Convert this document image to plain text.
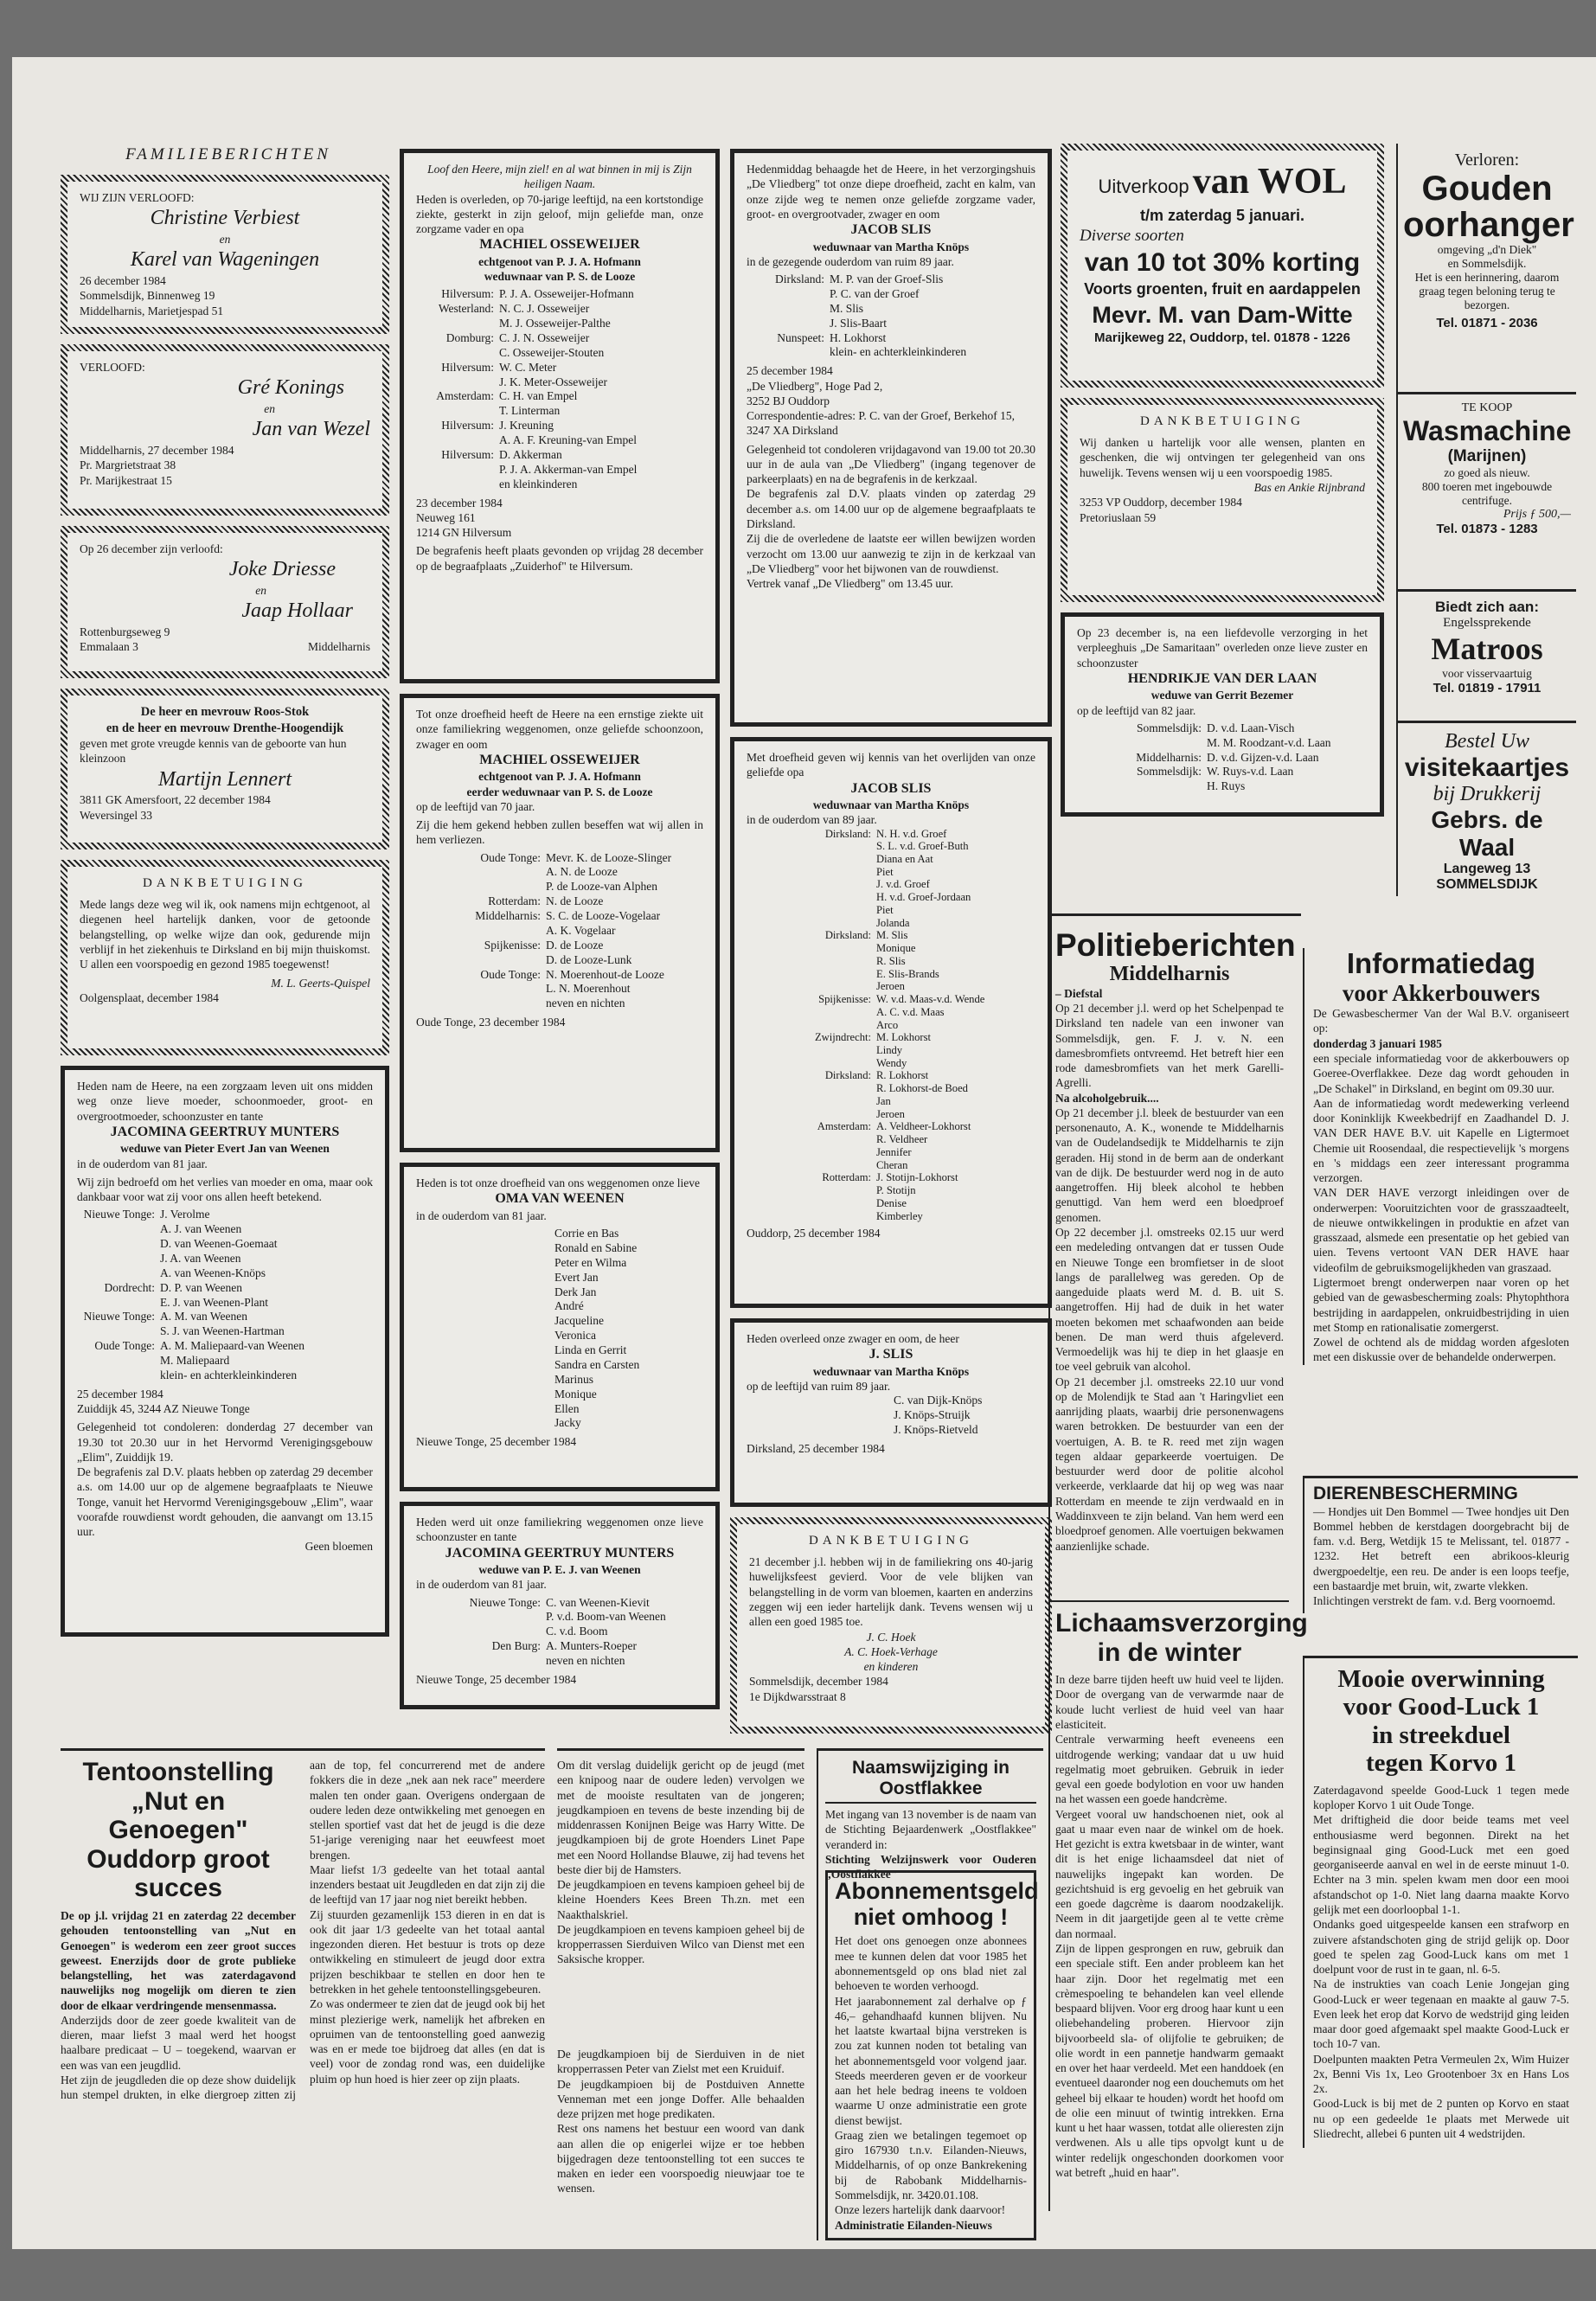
FAMILIEBERICHTEN
WIJ ZIJN VERLOOFD:
Christine Verbiest
en
Karel van Wageningen
26 december 1984
Sommelsdijk, Binnenweg 19
Middelharnis, Marietjespad 51
VERLOOFD:
Gré Konings
en
Jan van Wezel
Middelharnis, 27 december 1984
Pr. Margrietstraat 38
Pr. Marijkestraat 15
Op 26 december zijn verloofd:
Joke Driesse
en
Jaap Hollaar
Rottenburgseweg 9
Emmalaan 3	Middelharnis
De heer en mevrouw Roos-Stok
en de heer en mevrouw Drenthe-Hoogendijk
geven met grote vreugde kennis van de geboorte van hun kleinzoon
Martijn Lennert
3811 GK Amersfoort, 22 december 1984
Weversingel 33
DANKBETUIGING
Mede langs deze weg wil ik, ook namens mijn echtgenoot, al diegenen heel hartelijk danken, voor de getoonde belangstelling, op welke wijze dan ook, gedurende mijn verblijf in het ziekenhuis te Dirksland en bij mijn thuiskomst. U allen een voorspoedig en gezond 1985 toegewenst!
M. L. Geerts-Quispel
Oolgensplaat, december 1984
Heden nam de Heere, na een zorgzaam leven uit ons midden weg onze lieve moeder, schoonmoeder, groot- en overgrootmoeder, schoonzuster en tante
JACOMINA GEERTRUY MUNTERS
weduwe van Pieter Evert Jan van Weenen
in de ouderdom van 81 jaar.
Wij zijn bedroefd om het verlies van moeder en oma, maar ook dankbaar voor wat zij voor ons allen heeft betekend.
Nieuwe Tonge: J. Verolme
A. J. van Weenen
D. van Weenen-Goemaat
J. A. van Weenen
A. van Weenen-Knöps
Dordrecht: D. P. van Weenen
E. J. van Weenen-Plant
Nieuwe Tonge: A. M. van Weenen
S. J. van Weenen-Hartman
Oude Tonge: A. M. Maliepaard-van Weenen
M. Maliepaard
klein- en achterkleinkinderen
25 december 1984
Zuiddijk 45, 3244 AZ Nieuwe Tonge
Gelegenheid tot condoleren: donderdag 27 december van 19.30 tot 20.30 uur in het Hervormd Verenigingsgebouw „Elim", Zuiddijk 19.
De begrafenis zal D.V. plaats hebben op zaterdag 29 december a.s. om 14.00 uur op de algemene begraafplaats te Nieuwe Tonge, vanuit het Hervormd Verenigingsgebouw „Elim", waar voorafde rouwdienst wordt gehouden, die aanvangt om 13.15 uur.
Geen bloemen
Loof den Heere, mijn ziel! en al wat binnen in mij is Zijn heiligen Naam.
Heden is overleden, op 70-jarige leeftijd, na een kortstondige ziekte, gesterkt in zijn geloof, mijn geliefde man, onze zorgzame vader en opa
MACHIEL OSSEWEIJER
echtgenoot van P. J. A. Hofmann
weduwnaar van P. S. de Looze
Hilversum: P. J. A. Osseweijer-Hofmann
Westerland: N. C. J. Osseweijer
M. J. Osseweijer-Palthe
Domburg: C. J. N. Osseweijer
C. Osseweijer-Stouten
Hilversum: W. C. Meter
J. K. Meter-Osseweijer
Amsterdam: C. H. van Empel
T. Linterman
Hilversum: J. Kreuning
A. A. F. Kreuning-van Empel
Hilversum: D. Akkerman
P. J. A. Akkerman-van Empel
en kleinkinderen
23 december 1984
Neuweg 161
1214 GN Hilversum
De begrafenis heeft plaats gevonden op vrijdag 28 december op de begraafplaats „Zuiderhof" te Hilversum.
Tot onze droefheid heeft de Heere na een ernstige ziekte uit onze familiekring weggenomen, onze geliefde schoonzoon, zwager en oom
MACHIEL OSSEWEIJER
echtgenoot van P. J. A. Hofmann
eerder weduwnaar van P. S. de Looze
op de leeftijd van 70 jaar.
Zij die hem gekend hebben zullen beseffen wat wij allen in hem verliezen.
Oude Tonge: Mevr. K. de Looze-Slinger
A. N. de Looze
P. de Looze-van Alphen
Rotterdam: N. de Looze
Middelharnis: S. C. de Looze-Vogelaar
A. K. Vogelaar
Spijkenisse: D. de Looze
D. de Looze-Lunk
Oude Tonge: N. Moerenhout-de Looze
L. N. Moerenhout
neven en nichten
Oude Tonge, 23 december 1984
Heden is tot onze droefheid van ons weggenomen onze lieve
OMA VAN WEENEN
in de ouderdom van 81 jaar.
Corrie en Bas
Ronald en Sabine
Peter en Wilma
Evert Jan
Derk Jan
André
Jacqueline
Veronica
Linda en Gerrit
Sandra en Carsten
Marinus
Monique
Ellen
Jacky
Nieuwe Tonge, 25 december 1984
Heden werd uit onze familiekring weggenomen onze lieve schoonzuster en tante
JACOMINA GEERTRUY MUNTERS
weduwe van P. E. J. van Weenen
in de ouderdom van 81 jaar.
Nieuwe Tonge: C. van Weenen-Kievit
P. v.d. Boom-van Weenen
C. v.d. Boom
Den Burg: A. Munters-Roeper
neven en nichten
Nieuwe Tonge, 25 december 1984
Hedenmiddag behaagde het de Heere, in het verzorgingshuis „De Vliedberg" tot onze diepe droefheid, zacht en kalm, van onze zijde weg te nemen onze geliefde zorgzame vader, groot- en overgrootvader, zwager en oom
JACOB SLIS
weduwnaar van Martha Knöps
in de gezegende ouderdom van ruim 89 jaar.
Dirksland: M. P. van der Groef-Slis
P. C. van der Groef
M. Slis
J. Slis-Baart
Nunspeet: H. Lokhorst
klein- en achterkleinkinderen
25 december 1984
„De Vliedberg", Hoge Pad 2,
3252 BJ Ouddorp
Correspondentie-adres: P. C. van der Groef, Berkehof 15, 3247 XA Dirksland
Gelegenheid tot condoleren vrijdagavond van 19.00 tot 20.30 uur in de aula van „De Vliedberg" (ingang tegenover de parkeerplaats) en na de begrafenis in de kerkzaal.
De begrafenis zal D.V. plaats vinden op zaterdag 29 december a.s. om 14.00 uur op de algemene begraafplaats te Dirksland.
Zij die de overledene de laatste eer willen bewijzen worden verzocht om 13.00 uur aanwezig te zijn in de kerkzaal van „De Vliedberg" voor het bijwonen van de rouwdienst.
Vertrek vanaf „De Vliedberg" om 13.45 uur.
Met droefheid geven wij kennis van het overlijden van onze geliefde opa
JACOB SLIS
weduwnaar van Martha Knöps
in de ouderdom van 89 jaar.
Dirksland: N. H. v.d. Groef
S. L. v.d. Groef-Buth
Diana en Aat
Piet
J. v.d. Groef
H. v.d. Groef-Jordaan
Piet
Jolanda
Dirksland: M. Slis
Monique
R. Slis
E. Slis-Brands
Jeroen
Spijkenisse: W. v.d. Maas-v.d. Wende
A. C. v.d. Maas
Arco
Zwijndrecht: M. Lokhorst
Lindy
Wendy
Dirksland: R. Lokhorst
R. Lokhorst-de Boed
Jan
Jeroen
Amsterdam: A. Veldheer-Lokhorst
R. Veldheer
Jennifer
Cheran
Rotterdam: J. Stotijn-Lokhorst
P. Stotijn
Denise
Kimberley
Ouddorp, 25 december 1984
Heden overleed onze zwager en oom, de heer
J. SLIS
weduwnaar van Martha Knöps
op de leeftijd van ruim 89 jaar.
C. van Dijk-Knöps
J. Knöps-Struijk
J. Knöps-Rietveld
Dirksland, 25 december 1984
DANKBETUIGING
21 december j.l. hebben wij in de familiekring ons 40-jarig huwelijksfeest gevierd. Voor de vele blijken van belangstelling in de vorm van bloemen, kaarten en anderzins zeggen wij een ieder hartelijk dank. Tevens wensen wij u allen een goed 1985 toe.
J. C. Hoek
A. C. Hoek-Verhage
en kinderen
Sommelsdijk, december 1984
1e Dijkdwarsstraat 8
Uitverkoop van WOL
t/m zaterdag 5 januari.
Diverse soorten
van 10 tot 30% korting
Voorts groenten, fruit en aardappelen
Mevr. M. van Dam-Witte
Marijkeweg 22, Ouddorp, tel. 01878 - 1226
DANKBETUIGING
Wij danken u hartelijk voor alle wensen, planten en geschenken, die wij ontvingen ter gelegenheid van ons huwelijk. Tevens wensen wij u een voorspoedig 1985.
Bas en Ankie Rijnbrand
3253 VP Ouddorp, december 1984
Pretoriuslaan 59
Op 23 december is, na een liefdevolle verzorging in het verpleeghuis „De Samaritaan" overleden onze lieve zuster en schoonzuster
HENDRIKJE VAN DER LAAN
weduwe van Gerrit Bezemer
op de leeftijd van 82 jaar.
Sommelsdijk: D. v.d. Laan-Visch
M. M. Roodzant-v.d. Laan
Middelharnis: D. v.d. Gijzen-v.d. Laan
Sommelsdijk: W. Ruys-v.d. Laan
H. Ruys
Verloren:
Gouden
oorhanger
omgeving „d'n Diek"
en Sommelsdijk.
Het is een herinnering, daarom graag tegen beloning terug te bezorgen.
Tel. 01871 - 2036
TE KOOP
Wasmachine
(Marijnen)
zo goed als nieuw.
800 toeren met ingebouwde centrifuge.
Prijs ƒ 500,—
Tel. 01873 - 1283
Biedt zich aan:
Engelssprekende
Matroos
voor visservaartuig
Tel. 01819 - 17911
Bestel Uw
visitekaartjes
bij Drukkerij
Gebrs. de Waal
Langeweg 13
SOMMELSDIJK
Politieberichten
Middelharnis
– Diefstal
Op 21 december j.l. werd op het Schelpenpad te Dirksland ten nadele van een inwoner van Sommelsdijk, gen. F. J. v. N. een damesbromfiets ontvreemd. Het betreft hier een rode damesbromfiets van het merk Garelli-Agrelli.
Na alcoholgebruik....
Op 21 december j.l. bleek de bestuurder van een personenauto, A. K., wonende te Middelharnis van de Oudelandsedijk te Middelharnis te zijn geraden. Hij stond in de berm aan de onderkant van de dijk. De bestuurder werd nog in de auto aangetroffen. Hij bleek alcohol te hebben genuttigd. Van hem werd een bloedproef genomen.
Op 22 december j.l. omstreeks 02.15 uur werd een medeleding ontvangen dat er tussen Oude en Nieuwe Tonge een bromfietser in de sloot langs de parallelweg was gereden. Op de aangeduide plaats werd M. d. B. uit S. aangetroffen. Hij had de duik in het water moeten bekomen met schaafwonden aan beide benen. De man werd thuis afgeleverd. Vermoedelijk was hij te diep in het glaasje en toe veel gebruik van alcohol.
Op 21 december j.l. omstreeks 22.10 uur vond op de Molendijk te Stad aan 't Haringvliet een aanrijding plaats, waarbij drie personenwagens waren betrokken. De bestuurder van een der voertuigen, A. B. te R. reed met zijn wagen tegen aldaar geparkeerde voertuigen. De bestuurder werd door de politie alcohol verkeerde, verklaarde dat hij op weg was naar Rotterdam en meende te zijn verdwaald en in Waddinxveen te zijn beland. Van hem werd een bloedproef genomen. Alle voertuigen bekwamen aanzienlijke schade.
Lichaamsverzorging
in de winter
In deze barre tijden heeft uw huid veel te lijden. Door de overgang van de verwarmde naar de koude lucht verliest de huid veel van haar elasticiteit.
Centrale verwarming heeft eveneens een uitdrogende werking; vandaar dat u uw huid regelmatig moet gebruiken. Gebruik in ieder geval een goede bodylotion en voor uw handen na het wassen een goede handcrème.
Vergeet vooral uw handschoenen niet, ook al gaat u maar even naar de winkel om de hoek. Het gezicht is extra kwetsbaar in de winter, want dit is het enige lichaamsdeel dat niet of nauwelijks ingepakt kan worden. De gezichtshuid is erg gevoelig en het gebruik van een goede dagcrème is daarom noodzakelijk. Neem in dit jaargetijde geen al te vette crème dan normaal.
Zijn de lippen gesprongen en ruw, gebruik dan een speciale stift. Een ander probleem kan het haar zijn. Door het regelmatig met een crèmespoeling te behandelen kan veel ellende bespaard blijven. Voor erg droog haar kunt u een oliebehandeling proberen. Hiervoor zijn bijvoorbeeld sla- of olijfolie te gebruiken; de olie wordt in een pannetje handwarm gemaakt en over het haar verdeeld. Met een handdoek (en eventueel daaronder nog een douchemuts om het geheel bij elkaar te houden) wordt het hoofd om de olie een minuut of twintig intrekken. Erna kunt u het haar wassen, totdat alle olieresten zijn verdwenen. Als u alle tips opvolgt kunt u de winter redelijk ongeschonden doorkomen voor wat betreft „huid en haar".
Informatiedag
voor Akkerbouwers
De Gewasbeschermer Van der Wal B.V. organiseert op:
donderdag 3 januari 1985
een speciale informatiedag voor de akkerbouwers op Goeree-Overflakkee. Deze dag wordt gehouden in „De Schakel" in Dirksland, en begint om 09.30 uur.
Aan de informatiedag wordt medewerking verleend door Koninklijk Kweekbedrijf en Zaadhandel D. J. VAN DER HAVE B.V. uit Kapelle en Ligtermoet Chemie uit Roosendaal, die respectievelijk 's morgens en 's middags een zeer interessant programma verzorgen.
VAN DER HAVE verzorgt inleidingen over de onderwerpen: Vooruitzichten voor de grasszaadteelt, de nieuwe ontwikkelingen in produktie en afzet van grasszaad, alsmede een presentatie op het gebied van uien. Tevens vertoont VAN DER HAVE haar videofilm de gebruiksmogelijkheden van graszaad.
Ligtermoet brengt onderwerpen naar voren op het gebied van de gewasbescherming zoals: Phytophthora bestrijding in aardappelen, onkruidbestrijding in uien met Stomp en rationalisatie zomergerst.
Zowel de ochtend als de middag worden afgesloten met een diskussie over de behandelde onderwerpen.
DIERENBESCHERMING
— Hondjes uit Den Bommel — Twee hondjes uit Den Bommel hebben de kerstdagen doorgebracht bij de fam. v.d. Berg, Wetdijk 15 te Melissant, tel. 01877 - 1232. Het betreft een abrikoos-kleurig dwergpoedeltje, een reu. De ander is een loops teefje, een bastaardje met bruin, wit, zwarte vlekken.
Inlichtingen verstrekt de fam. v.d. Berg voornoemd.
Mooie overwinning
voor Good-Luck 1
in streekduel
tegen Korvo 1
Zaterdagavond speelde Good-Luck 1 tegen mede koploper Korvo 1 uit Oude Tonge.
Met driftigheid die door beide teams met veel enthousiasme werd begonnen. Direkt na het beginsignaal ging Good-Luck met een goed georganiseerde aanval en wel in de eerste minuut 1-0. Echter na 3 min. spelen kwam men door een mooi afstandschot op 1-0. Niet lang daarna maakte Korvo gelijk met een doorloopbal 1-1.
Ondanks goed uitgespeelde kansen een strafworp en zuivere afstandschoten ging de strijd gelijk op. Door goed te spelen zag Good-Luck kans om met 1 doelpunt voor de rust in te gaan, nl. 6-5.
Na de instrukties van coach Lenie Jongejan ging Good-Luck er weer tegenaan en maakte al gauw 7-5. Even leek het erop dat Korvo de wedstrijd ging leiden maar door goed afgemaakt spel maakte Good-Luck er toch 10-7 van.
Doelpunten maakten Petra Vermeulen 2x, Wim Huizer 2x, Benni Vis 1x, Leo Grootenboer 3x en Hans Los 2x.
Good-Luck is bij met de 2 punten op Korvo en staat nu op een gedeelde 1e plaats met Merwede uit Sliedrecht, allebei 6 punten uit 4 wedstrijden.
Tentoonstelling
„Nut en Genoegen"
Ouddorp groot succes
De op j.l. vrijdag 21 en zaterdag 22 december gehouden tentoonstelling van „Nut en Genoegen" is wederom een zeer groot succes geweest. Enerzijds door de grote publieke belangstelling, het was zaterdagavond nauwelijks nog mogelijk om dieren te zien door de elkaar verdringende mensenmassa.
Anderzijds door de zeer goede kwaliteit van de dieren, maar liefst 3 maal werd het hoogst haalbare predicaat – U – toegekend, waarvan er een was van een jeugdlid.
Het zijn de jeugdleden die op deze show duidelijk hun stempel drukten, in elke diergroep zitten zij aan de top, fel concurrerend met de andere fokkers die in deze „nek aan nek race" meerdere malen ten onder gaan. Overigens ondergaan de oudere leden deze ontwikkeling met genoegen en stellen sportief vast dat het de jeugd is die deze 51-jarige vereniging naar het eeuwfeest moet brengen.
Maar liefst 1/3 gedeelte van het totaal aantal inzenders bestaat uit Jeugdleden en dat zijn zij die de leeftijd van 17 jaar nog niet bereikt hebben.
Zij stuurden gezamenlijk 153 dieren in en dat is ook dit jaar 1/3 gedeelte van het totaal aantal ingezonden dieren. Het bestuur is trots op deze ontwikkeling en stimuleert de jeugd door extra prijzen beschikbaar te stellen en door hen te betrekken in het gehele tentoonstellingsgebeuren.
Zo was ondermeer te zien dat de jeugd ook bij het minst plezierige werk, namelijk het afbreken en opruimen van de tentoonstelling goed aanwezig was en er mede toe bijdroeg dat alles (en dat is veel) voor de zondag rond was, een duidelijke pluim op hun hoed is hier zeer op zijn plaats.
Om dit verslag duidelijk gericht op de jeugd (met een knipoog naar de oudere leden) vervolgen we met de mooiste resultaten van de jongeren; jeugdkampioen en tevens de beste inzending bij de middenrassen Konijnen Beige was Harry Witte. De jeugdkampioen bij de grote Hoenders Linet Pape met een Noord Hollandse Blauwe, zij had tevens het beste dier bij de Hamsters.
De jeugdkampioen en tevens kampioen geheel bij de kleine Hoenders Kees Breen Th.zn. met een Naakthalskriel.
De jeugdkampioen en tevens kampioen geheel bij de kropperrassen Sierduiven Wilco van Dienst met een Saksische kropper.
De jeugdkampioen bij de Sierduiven in de niet kropperrassen Peter van Zielst met een Kruiduif.
De jeugdkampioen bij de Postduiven Annette Venneman met een jonge Doffer. Alle behaalden deze prijzen met hoge predikaten.
Rest ons namens het bestuur een woord van dank aan allen die op enigerlei wijze er toe hebben bijgedragen deze tentoonstelling tot een succes te maken en ieder een voorspoedig nieuwjaar toe te wensen.
Naamswijziging in Oostflakkee
Met ingang van 13 november is de naam van de Stichting Bejaardenwerk „Oostflakkee" veranderd in:
Stichting Welzijnswerk voor Ouderen „Oostflakkee"
Abonnementsgeld
niet omhoog !
Het doet ons genoegen onze abonnees mee te kunnen delen dat voor 1985 het abonnementsgeld op ons blad niet zal behoeven te worden verhoogd.
Het jaarabonnement zal derhalve op ƒ 46,– gehandhaafd kunnen blijven. Nu het laatste kwartaal bijna verstreken is zou zat kunnen noden tot betaling van het abonnementsgeld voor volgend jaar. Steeds meerderen geven er de voorkeur aan het hele bedrag ineens te voldoen waarme U onze administratie een grote dienst bewijst.
Graag zien we betalingen tegemoet op giro 167930 t.n.v. Eilanden-Nieuws, Middelharnis, of op onze Bankrekening bij de Rabobank Middelharnis-Sommelsdijk, nr. 3420.01.108.
Onze lezers hartelijk dank daarvoor!
Administratie Eilanden-Nieuws
